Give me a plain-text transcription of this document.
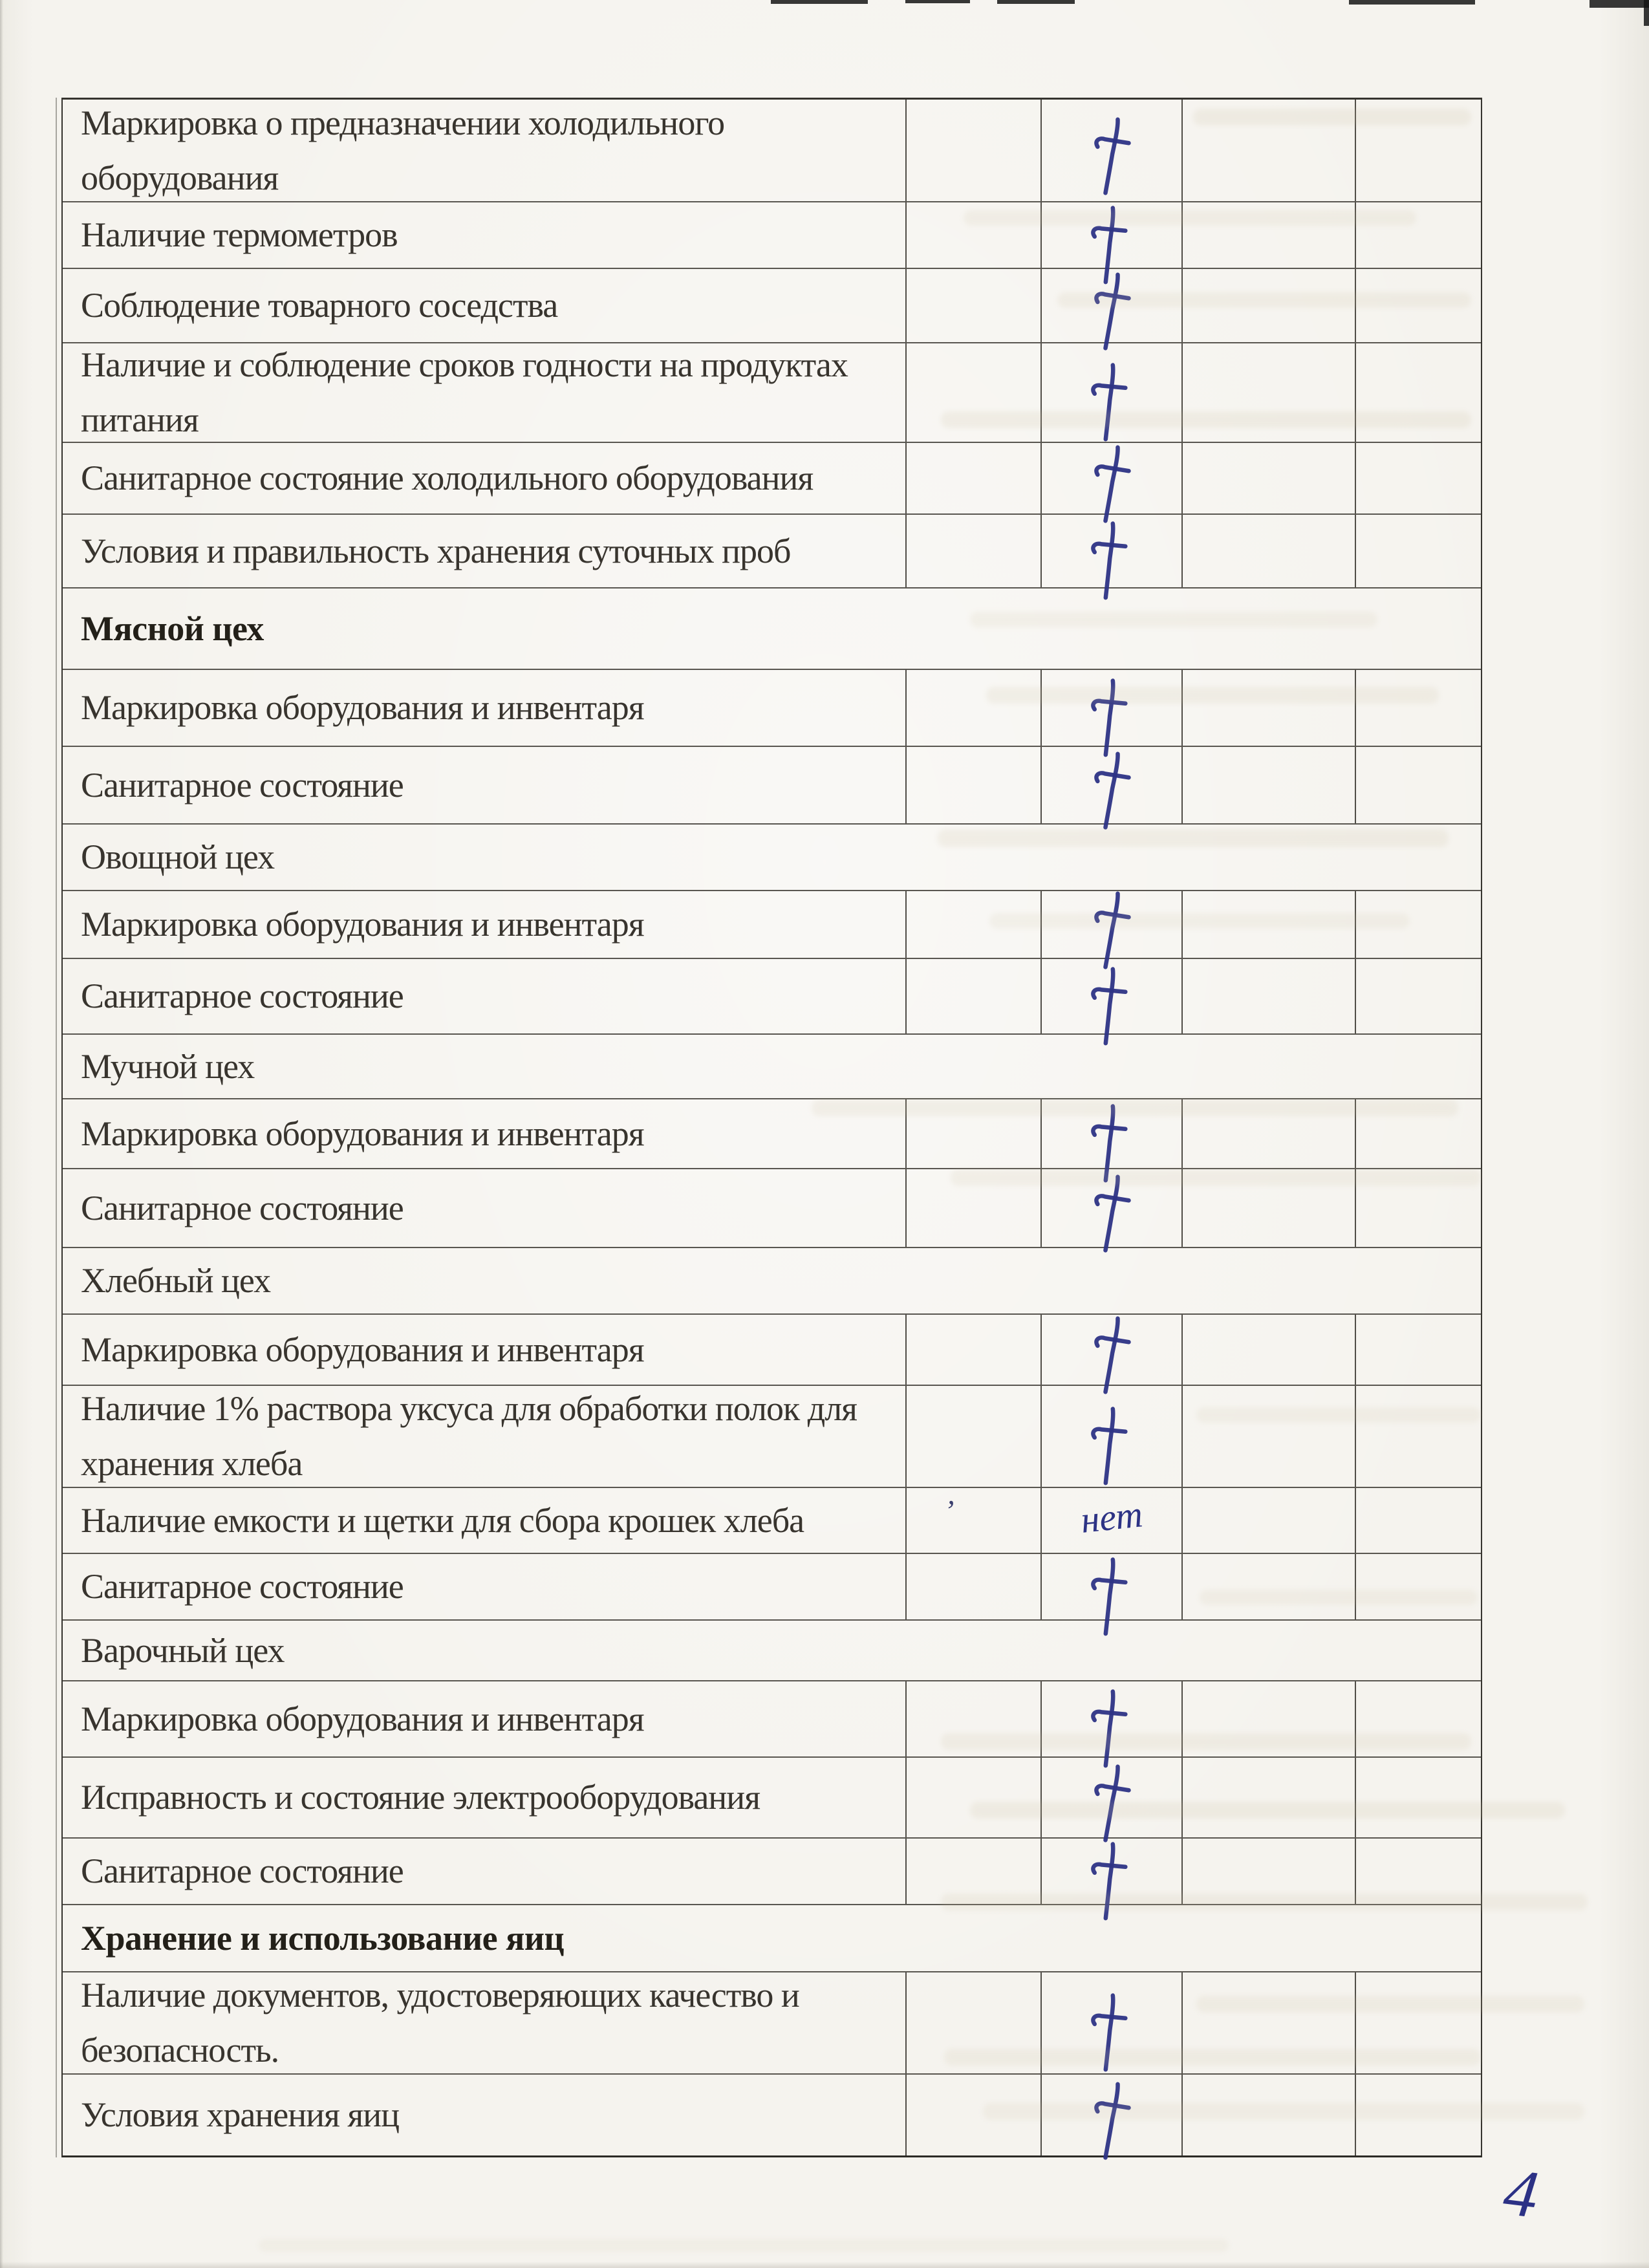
Маркировка о предназначении холодильного оборудования
Наличие термометров
Соблюдение товарного соседства
Наличие и соблюдение сроков годности на продуктах питания
Санитарное состояние холодильного оборудования
Условия и правильность хранения суточных проб
Мясной цех
Маркировка оборудования и инвентаря
Санитарное состояние
Овощной цех
Маркировка оборудования и инвентаря
Санитарное состояние
Мучной цех
Маркировка оборудования и инвентаря
Санитарное состояние
Хлебный цех
Маркировка оборудования и инвентаря
Наличие 1% раствора уксуса для обработки полок для хранения хлеба
Наличие емкости и щетки для сбора крошек хлеба	’	нет
Санитарное состояние
Варочный цех
Маркировка оборудования и инвентаря
Исправность и состояние электрооборудования
Санитарное состояние
Хранение и использование яиц
Наличие документов, удостоверяющих качество и безопасность.
Условия хранения яиц
4
